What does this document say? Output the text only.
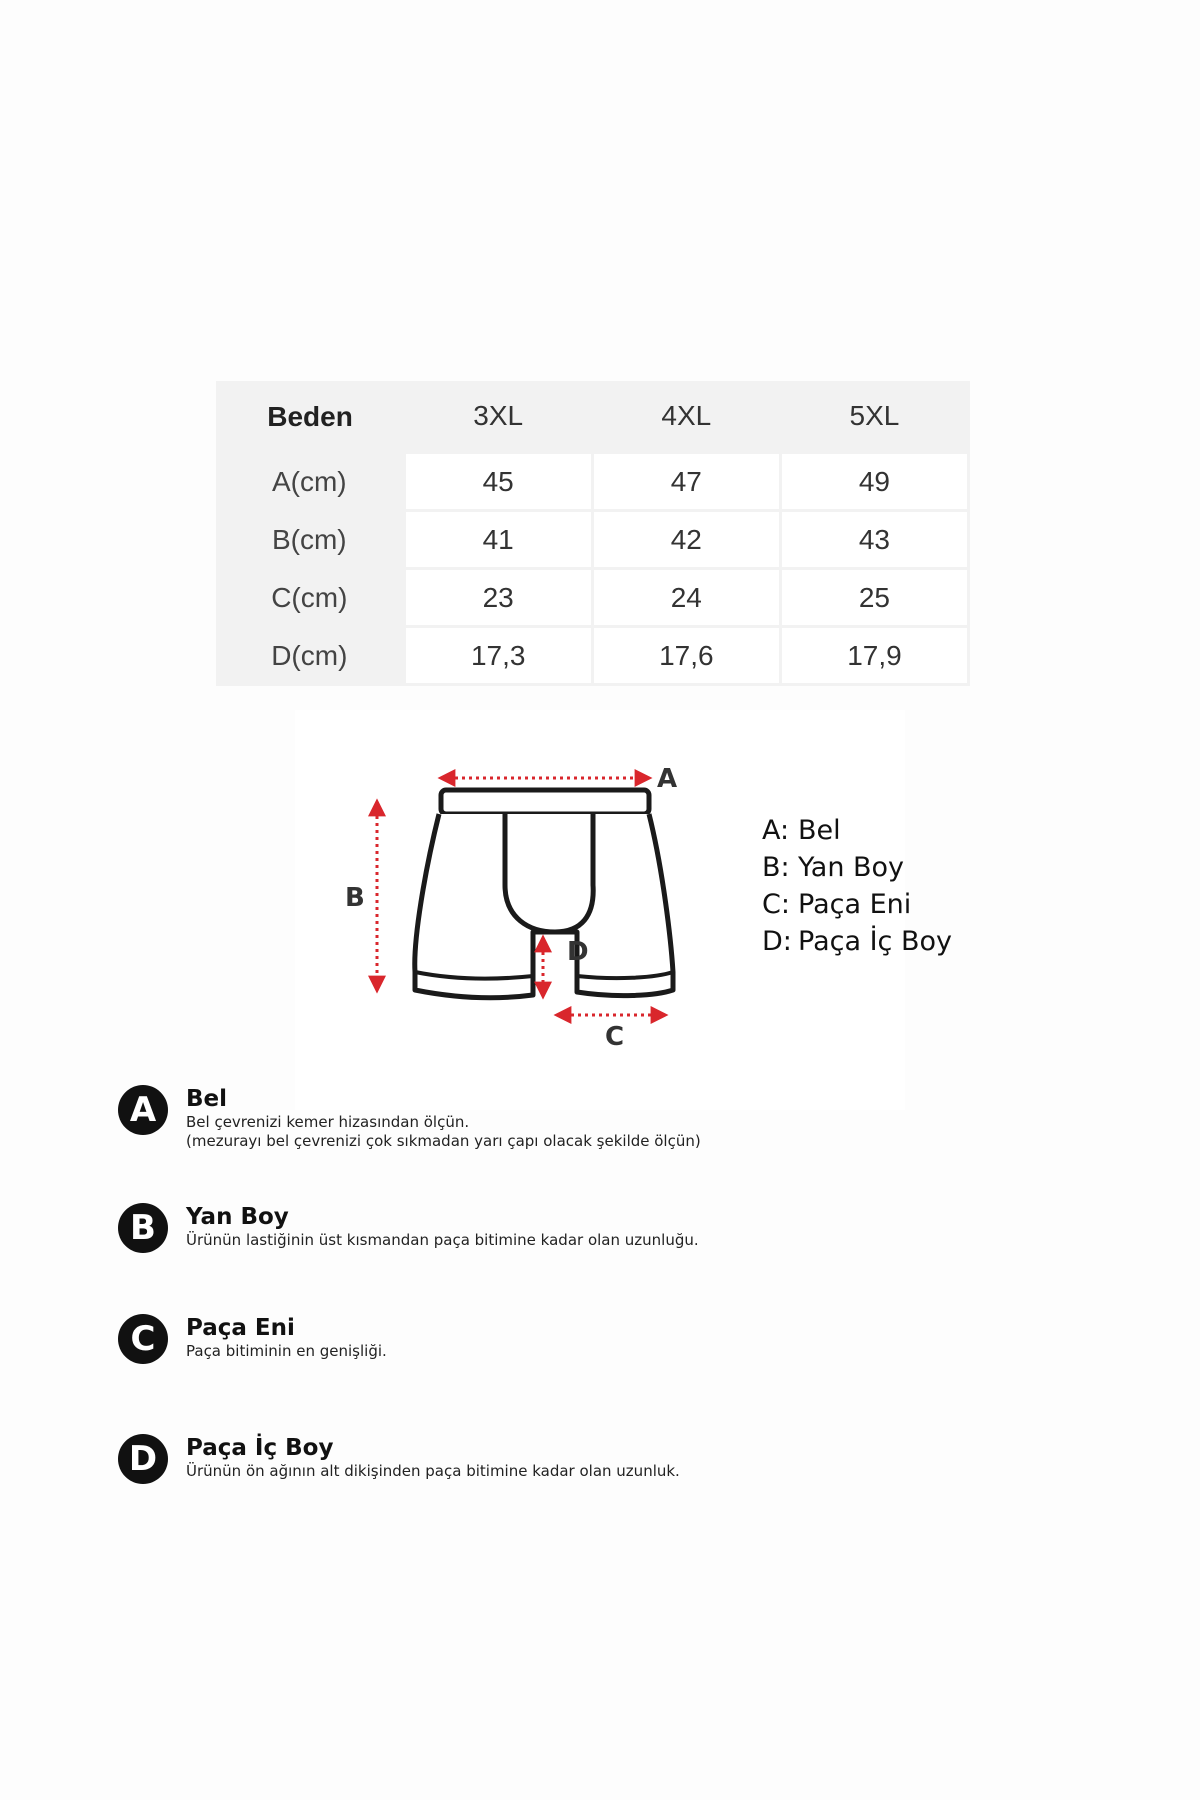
Beden	3XL	4XL	5XL
A(cm)	45	47	49
B(cm)	41	42	43
C(cm)	23	24	25
D(cm)	17,3	17,6	17,9
A
B
C
D
A: Bel
B: Yan Boy
C: Paça Eni
D: Paça İç Boy
A	Bel
Bel çevrenizi kemer hizasından ölçün.
(mezurayı bel çevrenizi çok sıkmadan yarı çapı olacak şekilde ölçün)
B	Yan Boy
Ürünün lastiğinin üst kısmandan paça bitimine kadar olan uzunluğu.
C	Paça Eni
Paça bitiminin en genişliği.
D	Paça İç Boy
Ürünün ön ağının alt dikişinden paça bitimine kadar olan uzunluk.
